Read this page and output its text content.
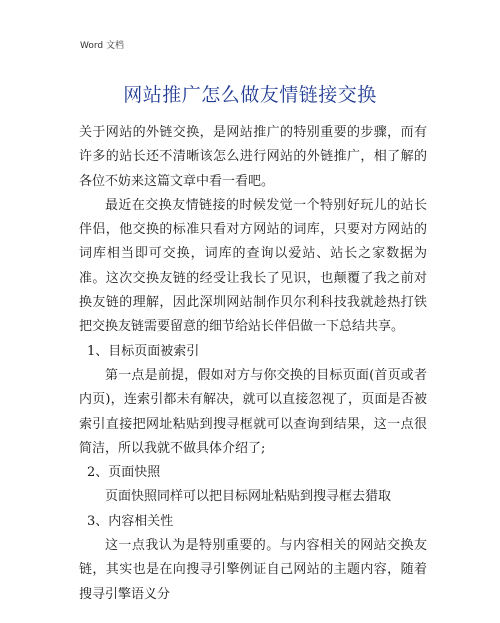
Word 文档
网站推广怎么做友情链接交换

关于网站的外链交换，是网站推广的特别重要的步骤，而有许多的站长还不清晰该怎么进行网站的外链推广，相了解的各位不妨来这篇文章中看一看吧。

最近在交换友情链接的时候发觉一个特别好玩儿的站长伴侣，他交换的标准只看对方网站的词库，只要对方网站的词库相当即可交换，词库的查询以爱站、站长之家数据为准。这次交换友链的经受让我长了见识，也颠覆了我之前对换友链的理解，因此深圳网站制作贝尔利科技我就趁热打铁把交换友链需要留意的细节给站长伴侣做一下总结共享。

1、目标页面被索引

第一点是前提，假如对方与你交换的目标页面(首页或者内页)，连索引都未有解决，就可以直接忽视了，页面是否被索引直接把网址粘贴到搜寻框就可以查询到结果，这一点很简洁，所以我就不做具体介绍了;

2、页面快照

页面快照同样可以把目标网址粘贴到搜寻框去猎取

3、内容相关性

这一点我认为是特别重要的。与内容相关的网站交换友链，其实也是在向搜寻引擎例证自己网站的主题内容，随着搜寻引擎语义分
